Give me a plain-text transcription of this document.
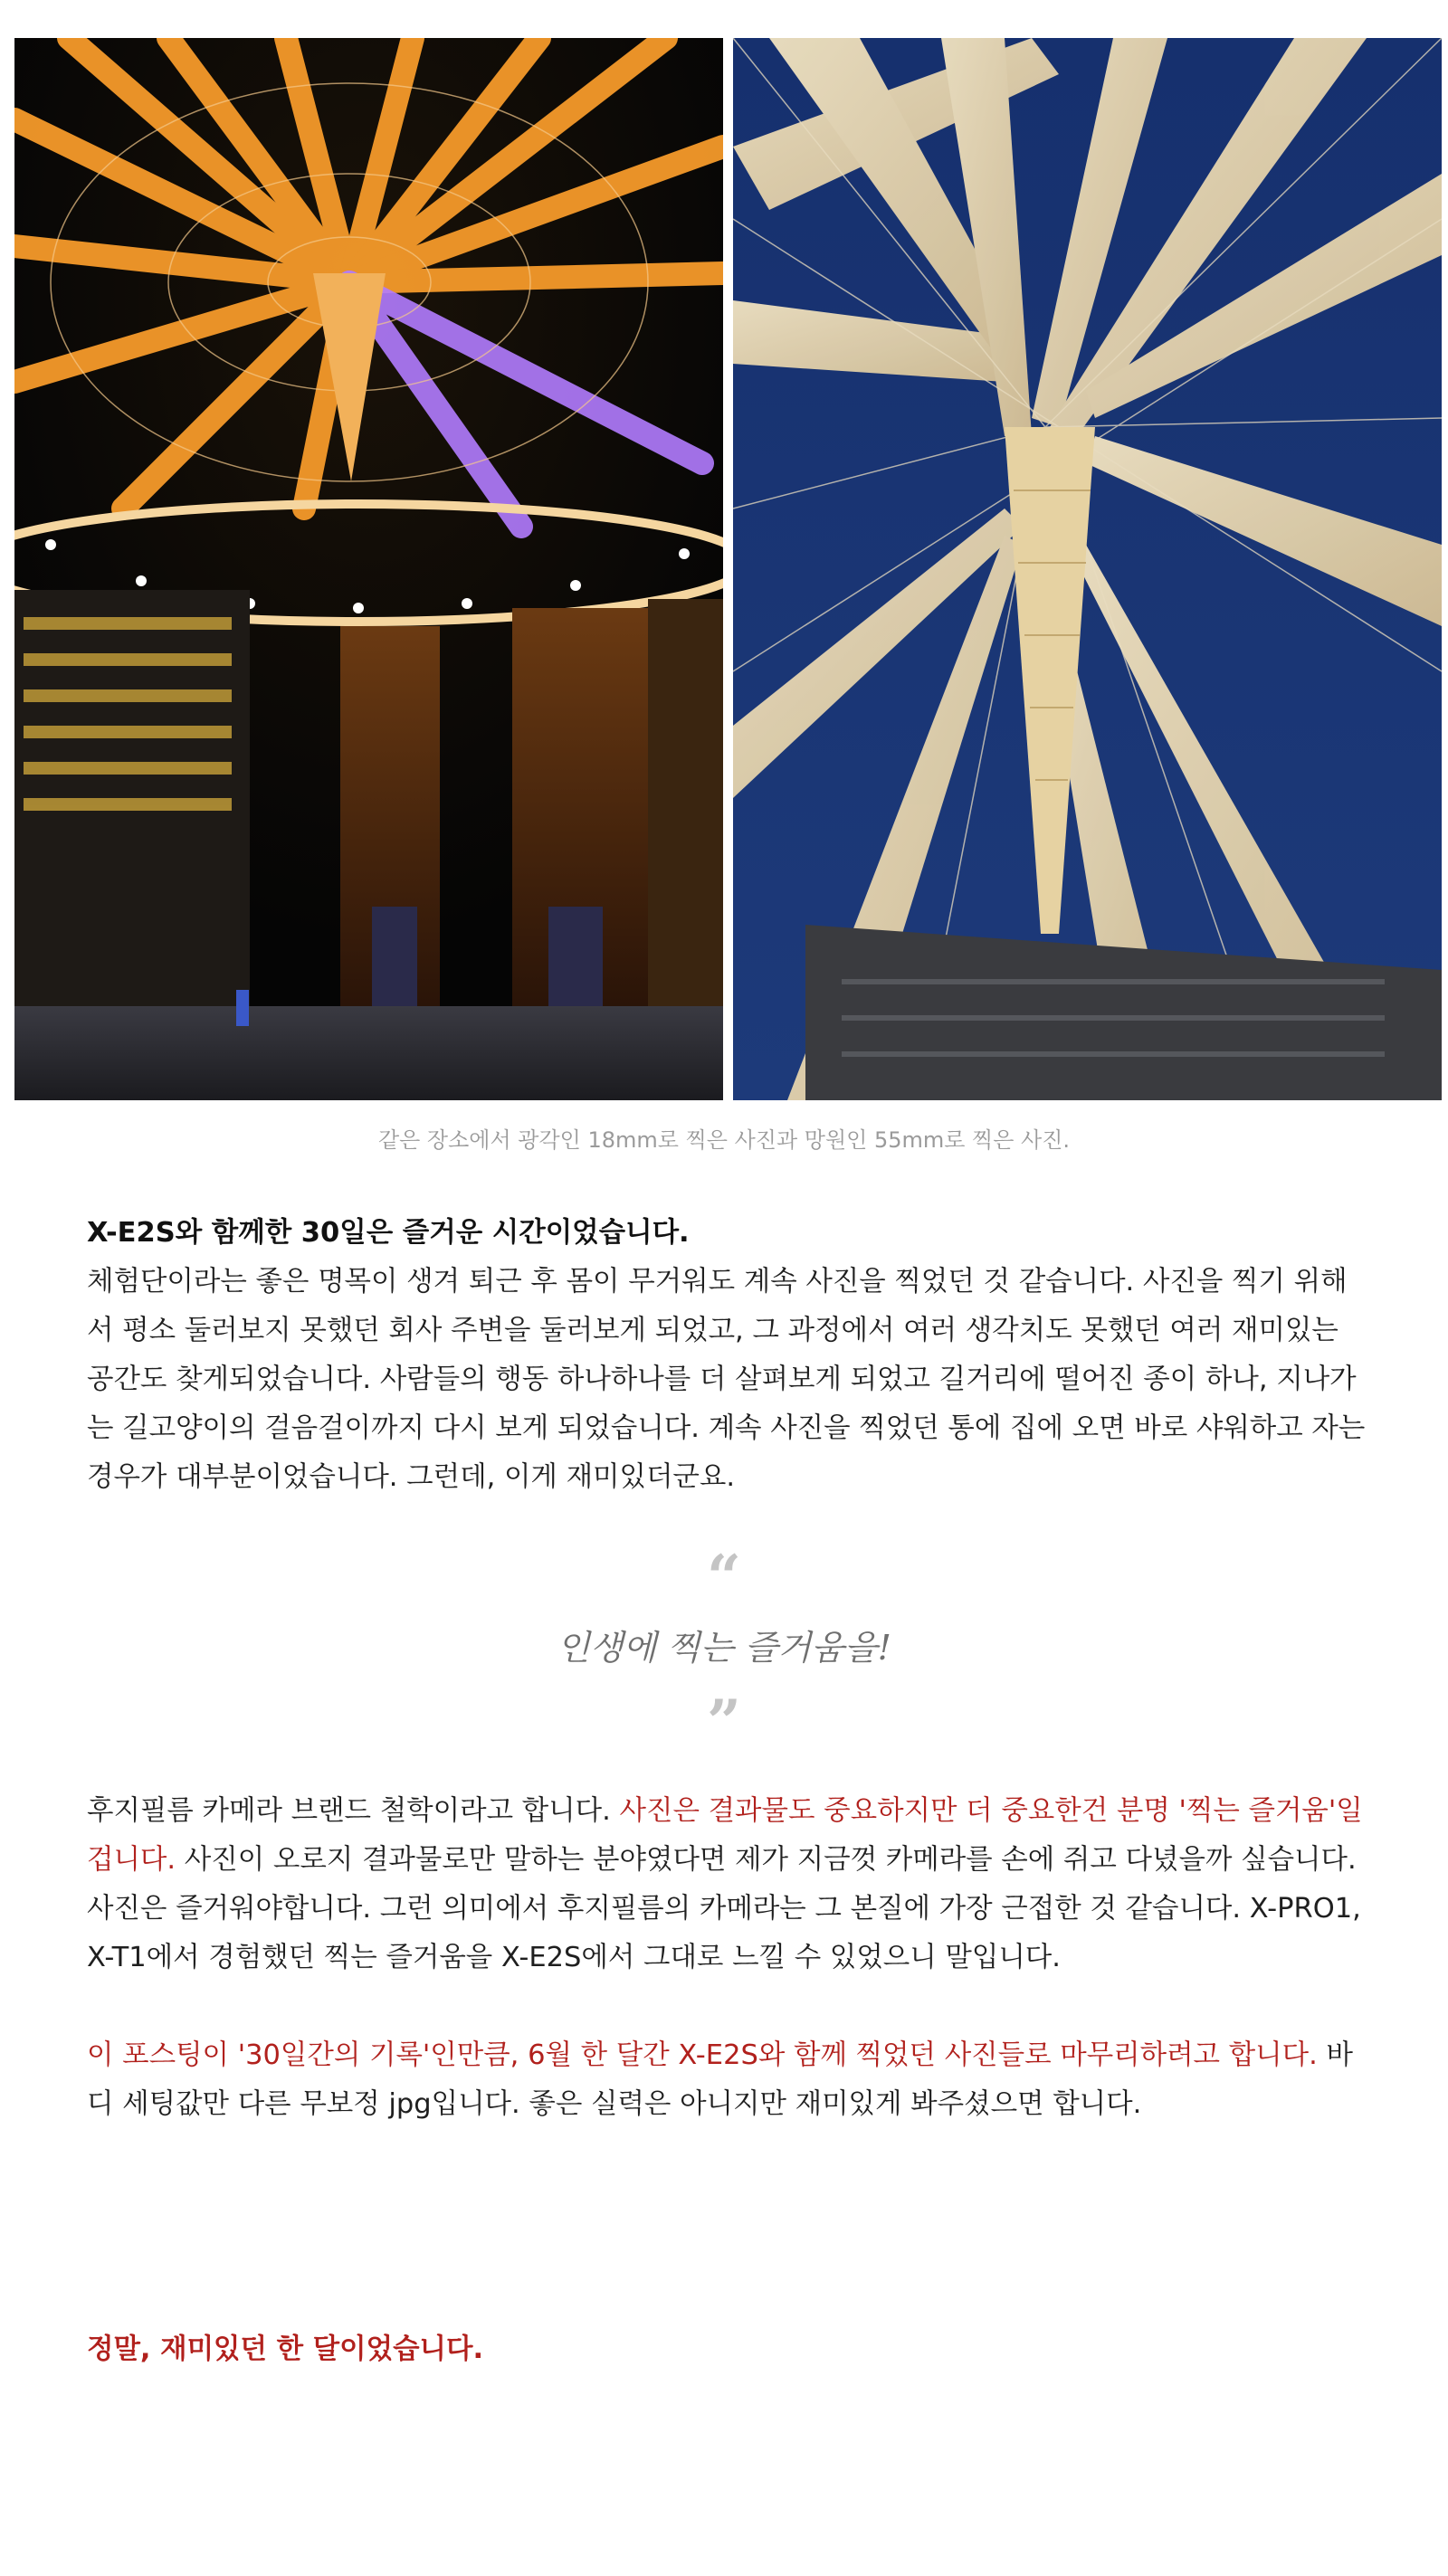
같은 장소에서 광각인 18mm로 찍은 사진과 망원인 55mm로 찍은 사진.
X-E2S와 함께한 30일은 즐거운 시간이었습니다.
체험단이라는 좋은 명목이 생겨 퇴근 후 몸이 무거워도 계속 사진을 찍었던 것 같습니다. 사진을 찍기 위해서 평소 둘러보지 못했던 회사 주변을 둘러보게 되었고, 그 과정에서 여러 생각치도 못했던 여러 재미있는 공간도 찾게되었습니다. 사람들의 행동 하나하나를 더 살펴보게 되었고 길거리에 떨어진 종이 하나, 지나가는 길고양이의 걸음걸이까지 다시 보게 되었습니다. 계속 사진을 찍었던 통에 집에 오면 바로 샤워하고 자는 경우가 대부분이었습니다. 그런데, 이게 재미있더군요.
“
인생에 찍는 즐거움을!
”
후지필름 카메라 브랜드 철학이라고 합니다. 사진은 결과물도 중요하지만 더 중요한건 분명 '찍는 즐거움'일겁니다. 사진이 오로지 결과물로만 말하는 분야였다면 제가 지금껏 카메라를 손에 쥐고 다녔을까 싶습니다. 사진은 즐거워야합니다. 그런 의미에서 후지필름의 카메라는 그 본질에 가장 근접한 것 같습니다. X-PRO1, X-T1에서 경험했던 찍는 즐거움을 X-E2S에서 그대로 느낄 수 있었으니 말입니다.
이 포스팅이 '30일간의 기록'인만큼, 6월 한 달간 X-E2S와 함께 찍었던 사진들로 마무리하려고 합니다. 바디 세팅값만 다른 무보정 jpg입니다. 좋은 실력은 아니지만 재미있게 봐주셨으면 합니다.
정말, 재미있던 한 달이었습니다.
